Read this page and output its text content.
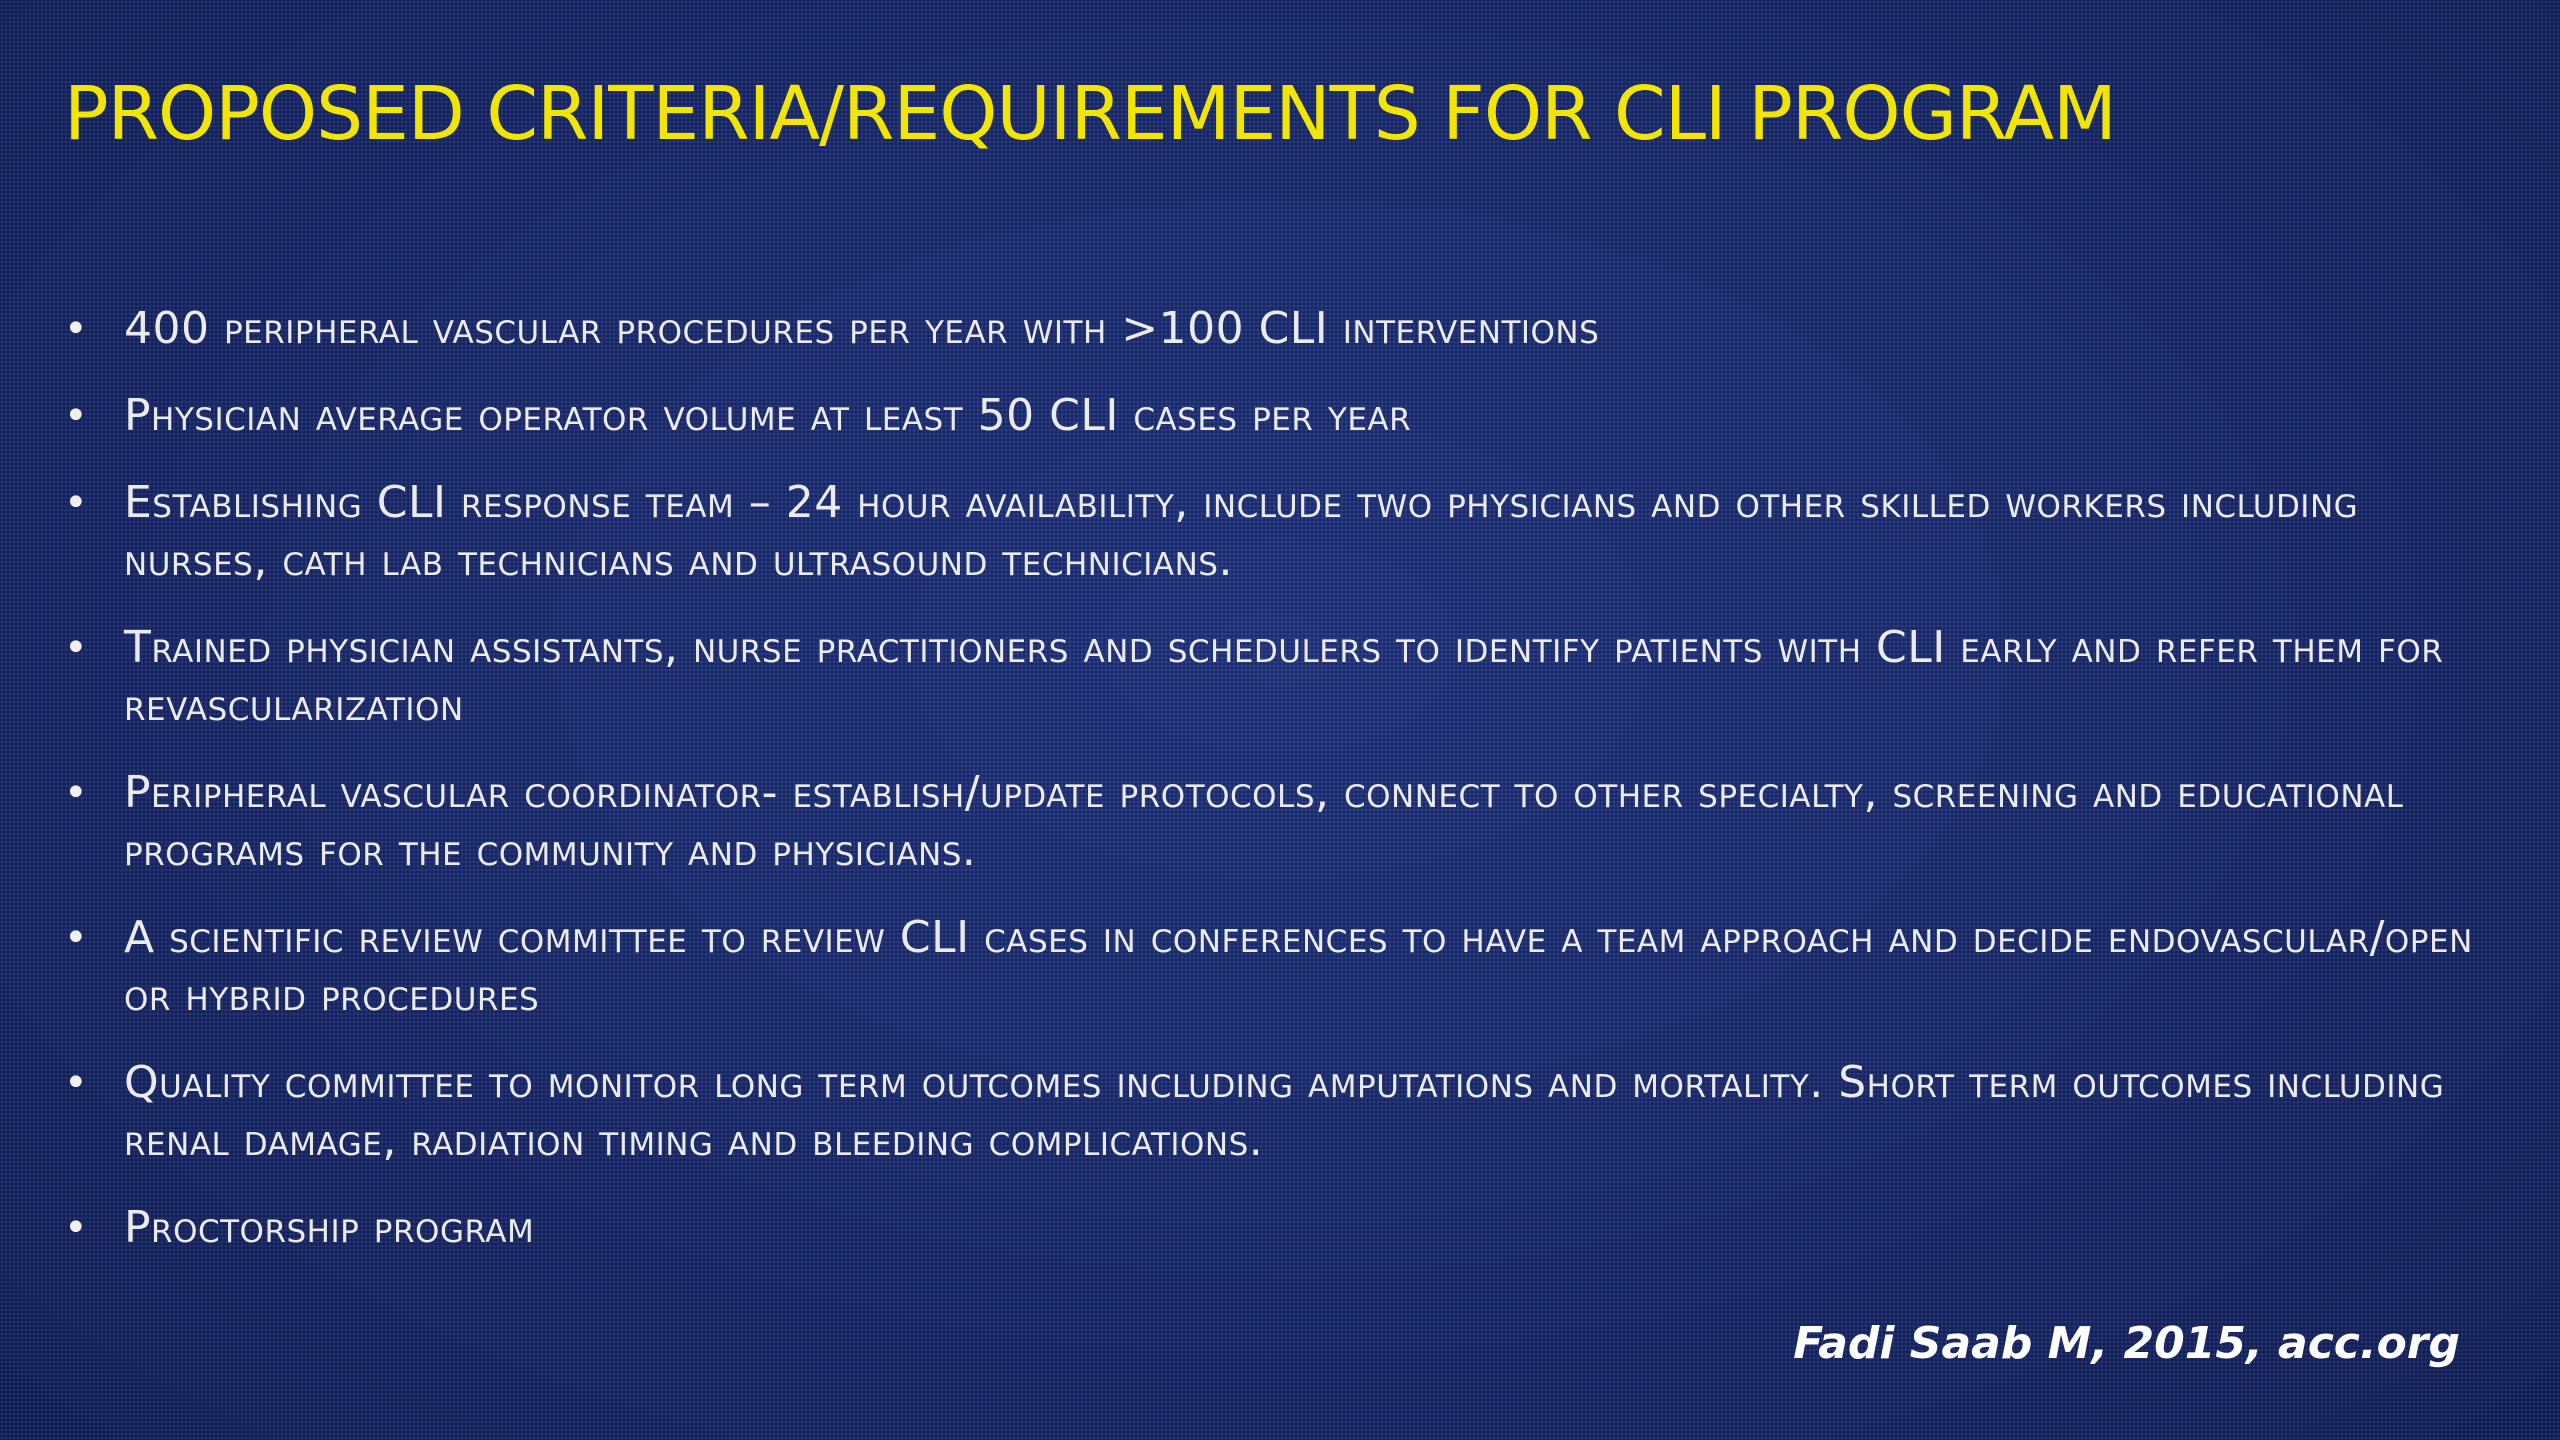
PROPOSED CRITERIA/REQUIREMENTS FOR CLI PROGRAM
• 400 peripheral vascular procedures per year with >100 CLI interventions
• Physician average operator volume at least 50 CLI cases per year
• Establishing CLI response team – 24 hour availability, include two physicians and other skilled workers including nurses, cath lab technicians and ultrasound technicians.
• Trained physician assistants, nurse practitioners and schedulers to identify patients with CLI early and refer them for revascularization
• Peripheral vascular coordinator- establish/update protocols, connect to other specialty, screening and educational programs for the community and physicians.
• A scientific review committee to review CLI cases in conferences to have a team approach and decide endovascular/open or hybrid procedures
• Quality committee to monitor long term outcomes including amputations and mortality. Short term outcomes including renal damage, radiation timing and bleeding complications.
• Proctorship program

Fadi Saab M, 2015, acc.org
